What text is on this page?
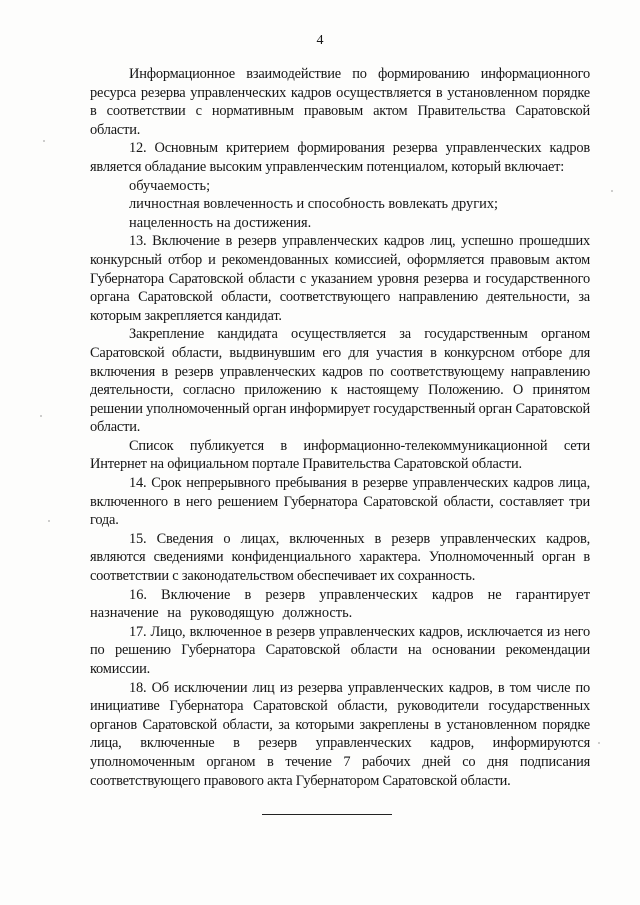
4

Информационное взаимодействие по формированию информационного ресурса резерва управленческих кадров осуществляется в установленном порядке в соответствии с нормативным правовым актом Правительства Саратовской области.

12. Основным критерием формирования резерва управленческих кадров является обладание высоким управленческим потенциалом, который включает:

обучаемость;

личностная вовлеченность и способность вовлекать других;

нацеленность на достижения.

13. Включение в резерв управленческих кадров лиц, успешно прошедших конкурсный отбор и рекомендованных комиссией, оформляется правовым актом Губернатора Саратовской области с указанием уровня резерва и государственного органа Саратовской области, соответствующего направлению деятельности, за которым закрепляется кандидат.

Закрепление кандидата осуществляется за государственным органом Саратовской области, выдвинувшим его для участия в конкурсном отборе для включения в резерв управленческих кадров по соответствующему направлению деятельности, согласно приложению к настоящему Положению. О принятом решении уполномоченный орган информирует государственный орган Саратовской области.

Список публикуется в информационно-телекоммуникационной сети Интернет на официальном портале Правительства Саратовской области.

14. Срок непрерывного пребывания в резерве управленческих кадров лица, включенного в него решением Губернатора Саратовской области, составляет три года.

15. Сведения о лицах, включенных в резерв управленческих кадров, являются сведениями конфиденциального характера. Уполномоченный орган в соответствии с законодательством обеспечивает их сохранность.

16. Включение в резерв управленческих кадров не гарантирует назначение на руководящую должность.

17. Лицо, включенное в резерв управленческих кадров, исключается из него по решению Губернатора Саратовской области на основании рекомендации комиссии.

18. Об исключении лиц из резерва управленческих кадров, в том числе по инициативе Губернатора Саратовской области, руководители государственных органов Саратовской области, за которыми закреплены в установленном порядке лица, включенные в резерв управленческих кадров, информируются уполномоченным органом в течение 7 рабочих дней со дня подписания соответствующего правового акта Губернатором Саратовской области.
